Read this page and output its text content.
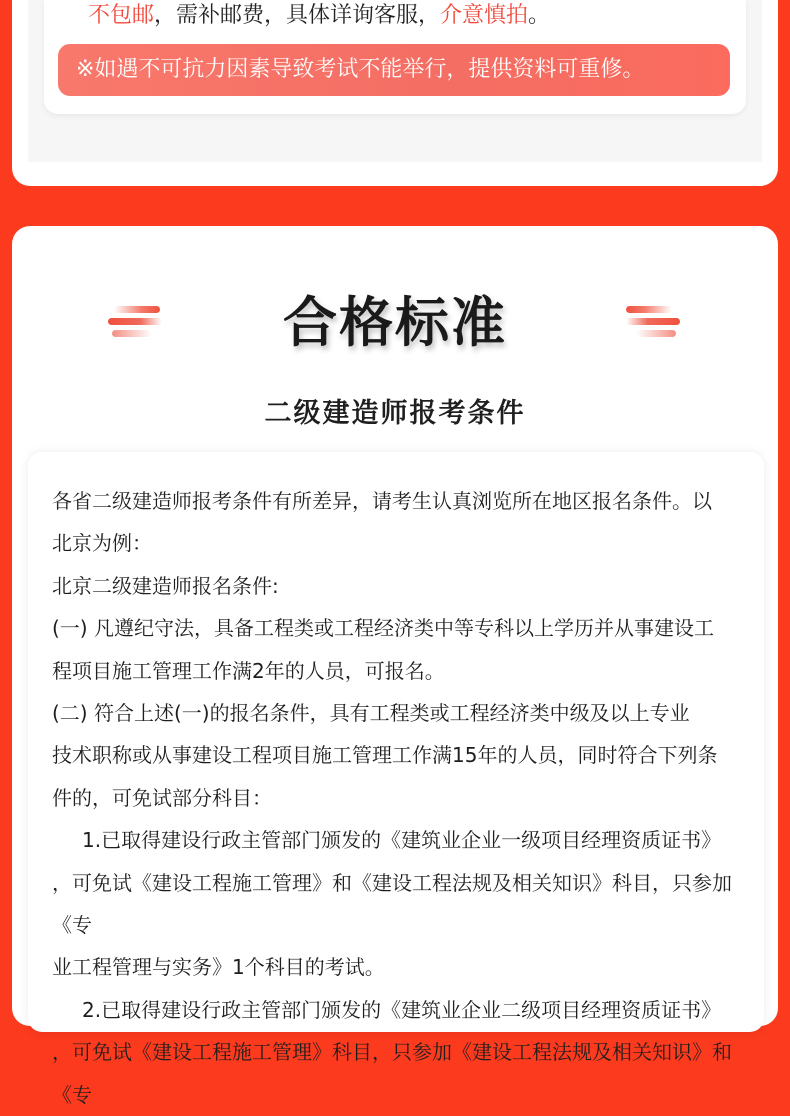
不包邮，需补邮费，具体详询客服，介意慎拍。
※如遇不可抗力因素导致考试不能举行，提供资料可重修。
合格标准
二级建造师报考条件

各省二级建造师报考条件有所差异，请考生认真浏览所在地区报名条件。以

北京为例：

北京二级建造师报名条件:

(一) 凡遵纪守法，具备工程类或工程经济类中等专科以上学历并从事建设工

程项目施工管理工作满2年的人员，可报名。

(二) 符合上述(一)的报名条件，具有工程类或工程经济类中级及以上专业

技术职称或从事建设工程项目施工管理工作满15年的人员，同时符合下列条

件的，可免试部分科目：

1.已取得建设行政主管部门颁发的《建筑业企业一级项目经理资质证书》

，可免试《建设工程施工管理》和《建设工程法规及相关知识》科目，只参加《专

业工程管理与实务》1个科目的考试。

2.已取得建设行政主管部门颁发的《建筑业企业二级项目经理资质证书》

，可免试《建设工程施工管理》科目，只参加《建设工程法规及相关知识》和《专
